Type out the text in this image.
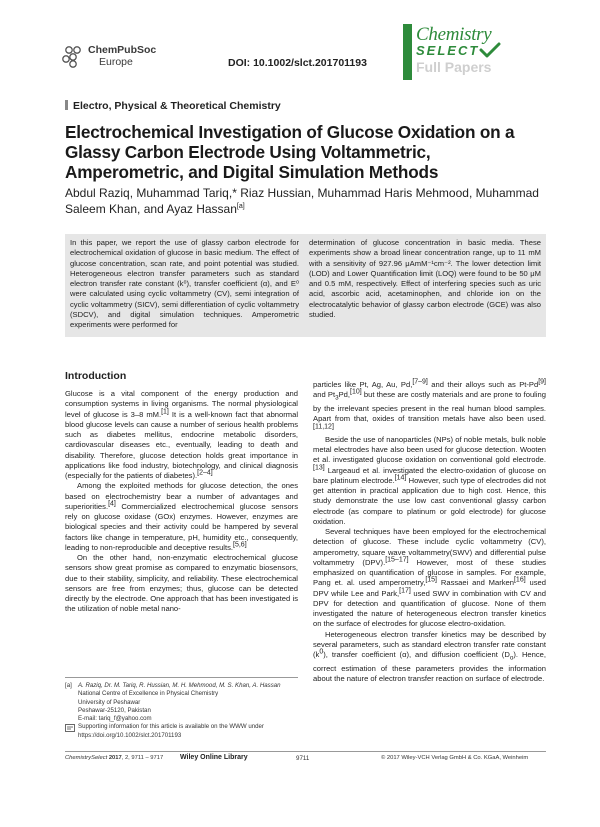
ChemPubSoc
Europe	DOI: 10.1002/slct.201701193
Chemistry
SELECT
Full Papers
Electro, Physical & Theoretical Chemistry
Electrochemical Investigation of Glucose Oxidation on a Glassy Carbon Electrode Using Voltammetric, Amperometric, and Digital Simulation Methods
Abdul Raziq, Muhammad Tariq,* Riaz Hussian, Muhammad Haris Mehmood, Muhammad Saleem Khan, and Ayaz Hassan[a]
In this paper, we report the use of glassy carbon electrode for electrochemical oxidation of glucose in basic medium. The effect of glucose concentration, scan rate, and point potential was studied. Heterogeneous electron transfer parameters such as standard electron transfer rate constant (k⁰), transfer coefficient (α), and E⁰ were calculated using cyclic voltammetry (CV), semi integration of cyclic voltammetry (SICV), semi differentiation of cyclic voltammetry (SDCV), and digital simulation techniques. Amperometric experiments were performed for
determination of glucose concentration in basic media. These experiments show a broad linear concentration range, up to 11 mM with a sensitivity of 927.96 μAmM⁻¹cm⁻². The lower detection limit (LOD) and Lower Quantification limit (LOQ) were found to be 50 μM and 0.5 mM, respectively. Effect of interfering species such as uric acid, ascorbic acid, acetaminophen, and chloride ion on the electrocatalytic behavior of glassy carbon electrode (GCE) was also studied.
Introduction

Glucose is a vital component of the energy production and consumption systems in living organisms. The normal physiological level of glucose is 3–8 mM.[1] It is a well-known fact that abnormal blood glucose levels can cause a number of serious health problems such as diabetes mellitus, endocrine metabolic disorders, cardiovascular diseases etc., eventually, leading to death and disability. Therefore, glucose detection holds great importance in applications like food industry, biotechnology, and clinical diagnosis (especially for the patients of diabetes).[2–4]

Among the exploited methods for glucose detection, the ones based on electrochemistry bear a number of advantages and superiorities.[4] Commercialized electrochemical glucose sensors rely on glucose oxidase (GOx) enzymes. However, enzymes are biological species and their activity could be hampered by several factors like change in temperature, pH, humidity etc., consequently, leading to non-reproducible and deceptive results.[5,6]

On the other hand, non-enzymatic electrochemical glucose sensors show great promise as compared to enzymatic biosensors, due to their stability, simplicity, and reliability. These electrochemical sensors are free from enzymes; thus, glucose can be detected directly by the electrode. One approach that has been investigated is the utilization of noble metal nano-

particles like Pt, Ag, Au, Pd,[7–9] and their alloys such as Pt-Pd[9] and $Pt_3Pd,[10]$ but these are costly materials and are prone to fouling by the irrelevant species present in the real human blood samples. Apart from that, oxides of transition metals have also been used.[11,12]

Beside the use of nanoparticles (NPs) of noble metals, bulk noble metal electrodes have also been used for glucose detection. Wooten et al. investigated glucose oxidation on conventional gold electrode.[13] Largeaud et al. investigated the electro-oxidation of glucose on bare platinum electrode.[14] However, such type of electrodes did not get attention in practical application due to high cost. Hence, this study demonstrate the use low cast conventional glassy carbon electrode (as compare to platinum or gold electrode) for glucose oxidation.

Several techniques have been employed for the electrochemical detection of glucose. These include cyclic voltammetry (CV), amperometry, square wave voltammetry(SWV) and differential pulse voltammetry (DPV).[15–17] However, most of these studies emphasized on quantification of glucose in samples. For example, Pang et. al. used amperometry,[15] Rassaei and Marken[16] used DPV while Lee and Park,[17] used SWV in combination with CV and DPV for detection and quantification of glucose. None of them investigated the nature of heterogeneous electron transfer kinetics on the surface of electrodes for glucose electro-oxidation.

Heterogeneous electron transfer kinetics may be described by several parameters, such as standard electron transfer rate constant $(k^0)$, transfer coefficient (α), and diffusion coefficient $(D_o)$. Hence, correct estimation of these parameters provides the information about the nature of electron transfer reaction on surface of electrode.

[a] A. Raziq, Dr. M. Tariq, R. Hussian, M. H. Mehmood, M. S. Khan, A. Hassan
National Centre of Excellence in Physical Chemistry
University of Peshawar
Peshawar-25120, Pakistan
E-mail: tariq_f@yahoo.com
Supporting information for this article is available on the WWW under https://doi.org/10.1002/slct.201701193
ChemistrySelect 2017, 2, 9711 – 9717 Wiley Online Library	9711	© 2017 Wiley-VCH Verlag GmbH & Co. KGaA, Weinheim
